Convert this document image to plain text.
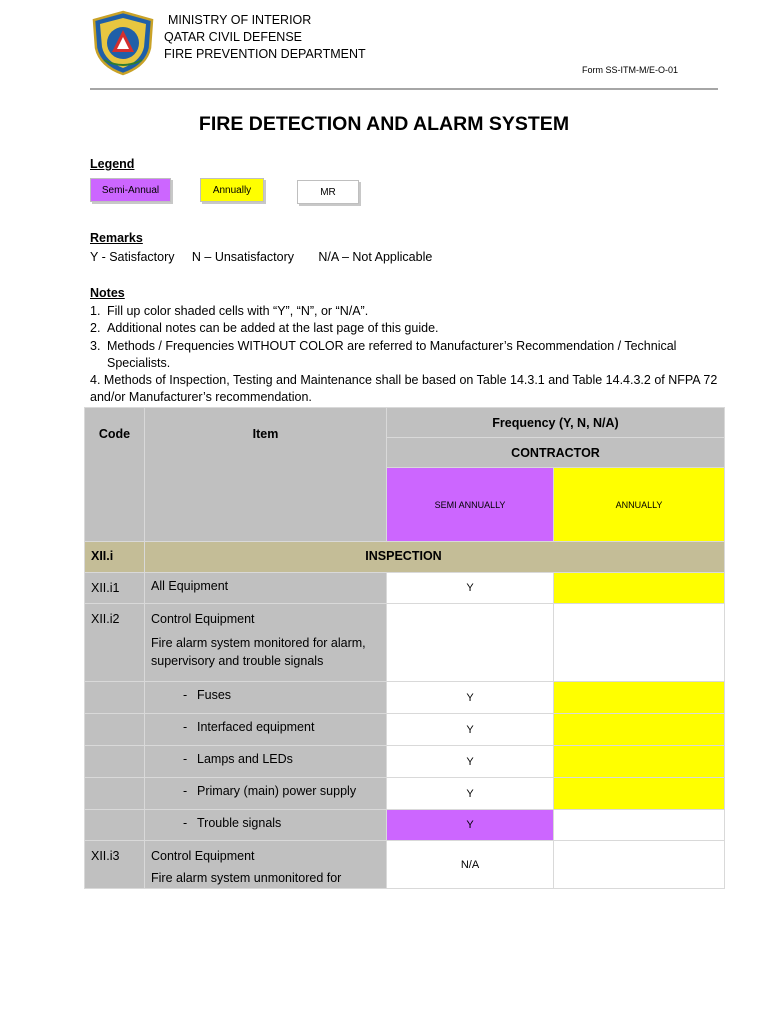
MINISTRY OF INTERIOR
QATAR CIVIL DEFENSE
FIRE PREVENTION DEPARTMENT
Form SS-ITM-M/E-O-01
FIRE DETECTION AND ALARM SYSTEM
Legend
Semi-Annual	Annually	MR
Remarks
Y - Satisfactory N – Unsatisfactory N/A – Not Applicable
Notes
1. Fill up color shaded cells with “Y”, “N”, or “N/A”.
2. Additional notes can be added at the last page of this guide.
3. Methods / Frequencies WITHOUT COLOR are referred to Manufacturer’s Recommendation / Technical Specialists.
4. Methods of Inspection, Testing and Maintenance shall be based on Table 14.3.1 and Table 14.4.3.2 of NFPA 72 and/or Manufacturer’s recommendation.
Code	Item	Frequency (Y, N, N/A)	
		CONTRACTOR	
		SEMI ANNUALLY	ANNUALLY
XII.i	INSPECTION		
XII.i1	All Equipment	Y	
XII.i2	Control Equipment
Fire alarm system monitored for alarm, supervisory and trouble signals		

	- Fuses	Y	
	- Interfaced equipment	Y	
	- Lamps and LEDs	Y	
	- Primary (main) power supply	Y	
	- Trouble signals	Y	
XII.i3	Control Equipment
Fire alarm system unmonitored for	N/A	
